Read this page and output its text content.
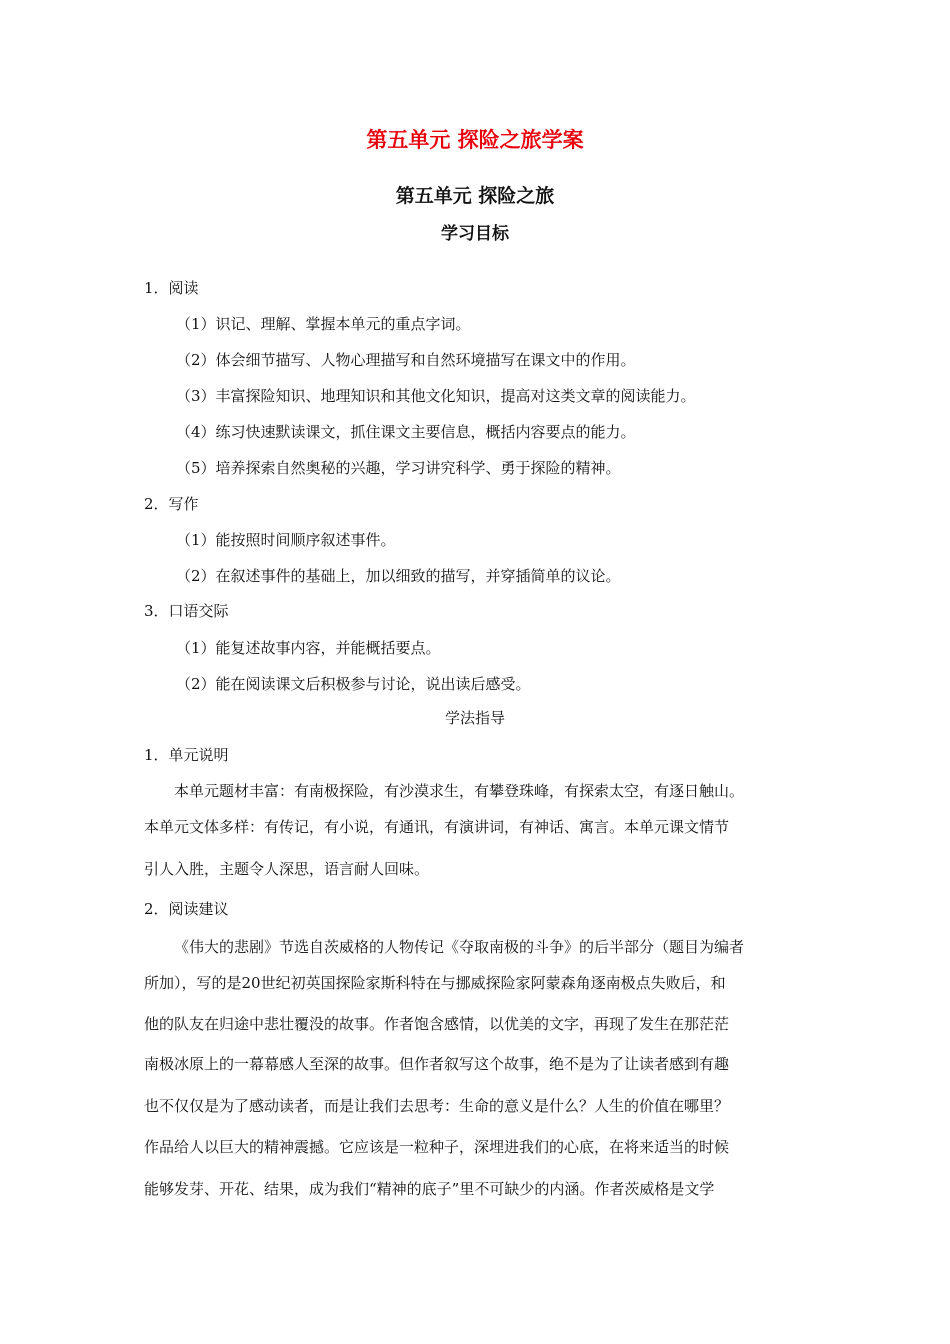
第五单元 探险之旅学案
第五单元 探险之旅
学习目标
1．阅读
（1）识记、理解、掌握本单元的重点字词。
（2）体会细节描写、人物心理描写和自然环境描写在课文中的作用。
（3）丰富探险知识、地理知识和其他文化知识，提高对这类文章的阅读能力。
（4）练习快速默读课文，抓住课文主要信息，概括内容要点的能力。
（5）培养探索自然奥秘的兴趣，学习讲究科学、勇于探险的精神。
2．写作
（1）能按照时间顺序叙述事件。
（2）在叙述事件的基础上，加以细致的描写，并穿插简单的议论。
3．口语交际
（1）能复述故事内容，并能概括要点。
（2）能在阅读课文后积极参与讨论，说出读后感受。
学法指导
1．单元说明
本单元题材丰富：有南极探险，有沙漠求生，有攀登珠峰，有探索太空，有逐日触山。
本单元文体多样：有传记，有小说，有通讯，有演讲词，有神话、寓言。本单元课文情节
引人入胜，主题令人深思，语言耐人回味。
2．阅读建议
《伟大的悲剧》节选自茨威格的人物传记《夺取南极的斗争》的后半部分（题目为编者
所加），写的是20世纪初英国探险家斯科特在与挪威探险家阿蒙森角逐南极点失败后，和
他的队友在归途中悲壮覆没的故事。作者饱含感情，以优美的文字，再现了发生在那茫茫
南极冰原上的一幕幕感人至深的故事。但作者叙写这个故事，绝不是为了让读者感到有趣
也不仅仅是为了感动读者，而是让我们去思考：生命的意义是什么？人生的价值在哪里？
作品给人以巨大的精神震撼。它应该是一粒种子，深埋进我们的心底，在将来适当的时候
能够发芽、开花、结果，成为我们“精神的底子”里不可缺少的内涵。作者茨威格是文学
